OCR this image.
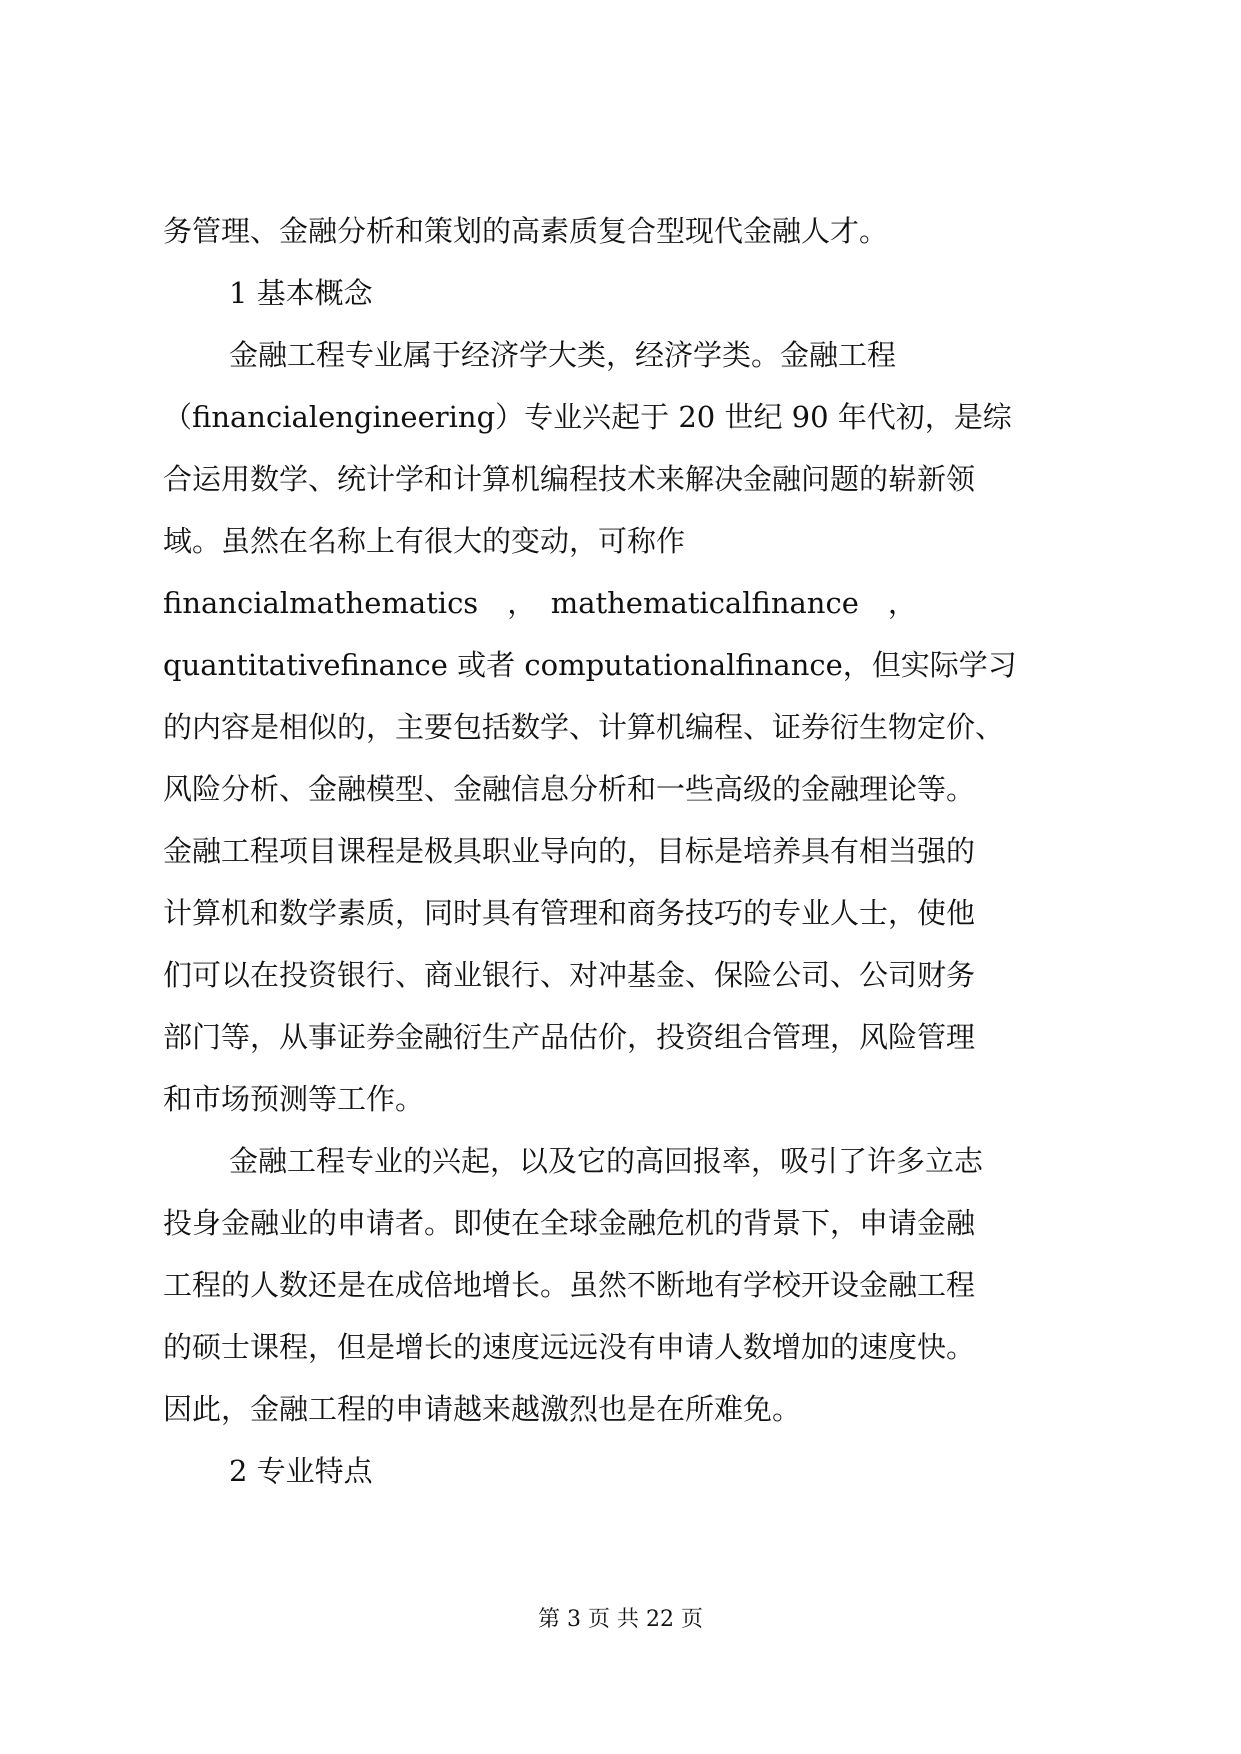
务管理、金融分析和策划的高素质复合型现代金融人才。
1 基本概念
金融工程专业属于经济学大类，经济学类。金融工程
（financialengineering）专业兴起于 20 世纪 90 年代初，是综
合运用数学、统计学和计算机编程技术来解决金融问题的崭新领
域。虽然在名称上有很大的变动，可称作
financialmathematics　，　mathematicalfinance　，
quantitativefinance 或者 computationalfinance，但实际学习
的内容是相似的，主要包括数学、计算机编程、证券衍生物定价、
风险分析、金融模型、金融信息分析和一些高级的金融理论等。
金融工程项目课程是极具职业导向的，目标是培养具有相当强的
计算机和数学素质，同时具有管理和商务技巧的专业人士，使他
们可以在投资银行、商业银行、对冲基金、保险公司、公司财务
部门等，从事证券金融衍生产品估价，投资组合管理，风险管理
和市场预测等工作。
金融工程专业的兴起，以及它的高回报率，吸引了许多立志
投身金融业的申请者。即使在全球金融危机的背景下，申请金融
工程的人数还是在成倍地增长。虽然不断地有学校开设金融工程
的硕士课程，但是增长的速度远远没有申请人数增加的速度快。
因此，金融工程的申请越来越激烈也是在所难免。
2 专业特点
第 3 页 共 22 页
